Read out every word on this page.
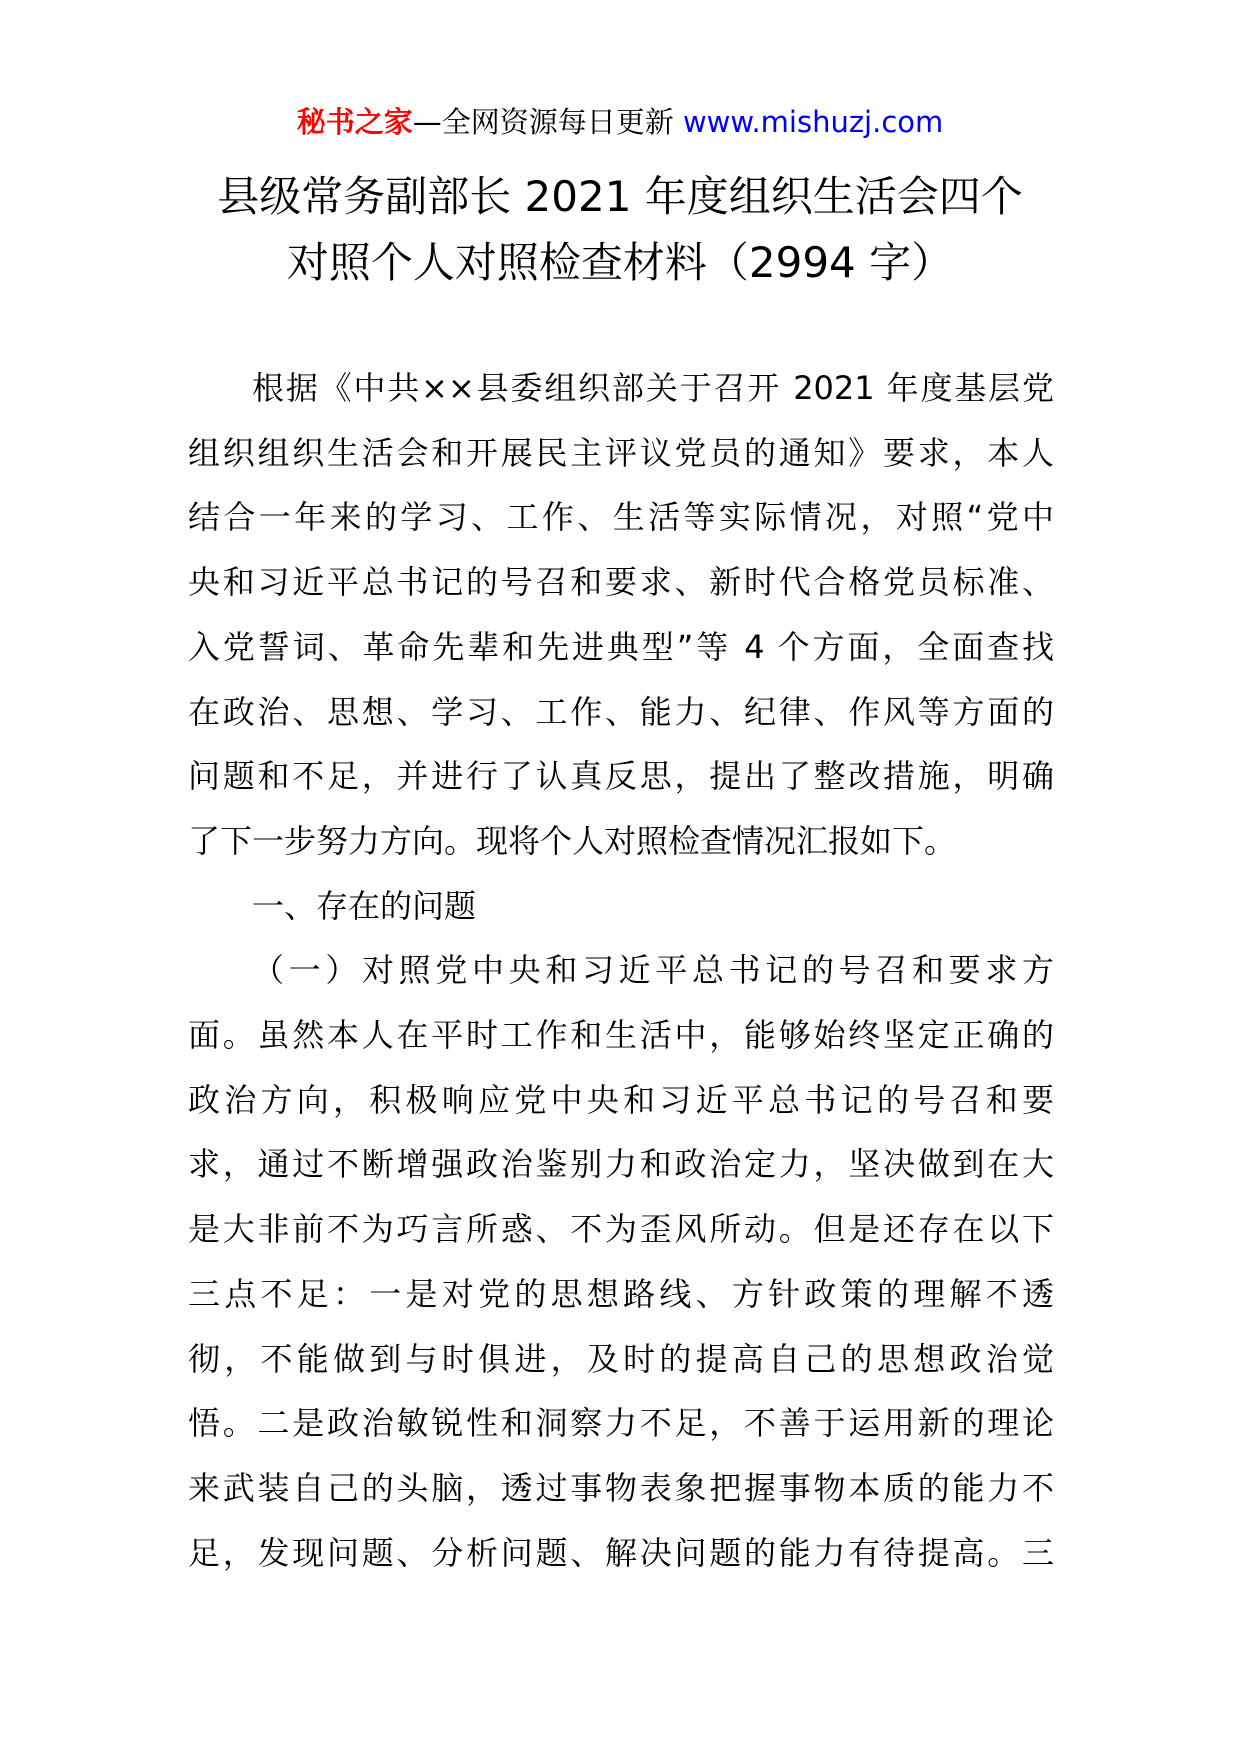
秘书之家—全网资源每日更新 www.mishuzj.com
县级常务副部长 2021 年度组织生活会四个
对照个人对照检查材料（2994 字）

根据《中共××县委组织部关于召开 2021 年度基层党
组织组织生活会和开展民主评议党员的通知》要求，本人
结合一年来的学习、工作、生活等实际情况，对照“党中
央和习近平总书记的号召和要求、新时代合格党员标准、
入党誓词、革命先辈和先进典型”等 4 个方面，全面查找
在政治、思想、学习、工作、能力、纪律、作风等方面的
问题和不足，并进行了认真反思，提出了整改措施，明确
了下一步努力方向。现将个人对照检查情况汇报如下。

一、存在的问题

（一）对照党中央和习近平总书记的号召和要求方
面。虽然本人在平时工作和生活中，能够始终坚定正确的
政治方向，积极响应党中央和习近平总书记的号召和要
求，通过不断增强政治鉴别力和政治定力，坚决做到在大
是大非前不为巧言所惑、不为歪风所动。但是还存在以下
三点不足：一是对党的思想路线、方针政策的理解不透
彻，不能做到与时俱进，及时的提高自己的思想政治觉
悟。二是政治敏锐性和洞察力不足，不善于运用新的理论
来武装自己的头脑，透过事物表象把握事物本质的能力不
足，发现问题、分析问题、解决问题的能力有待提高。三
